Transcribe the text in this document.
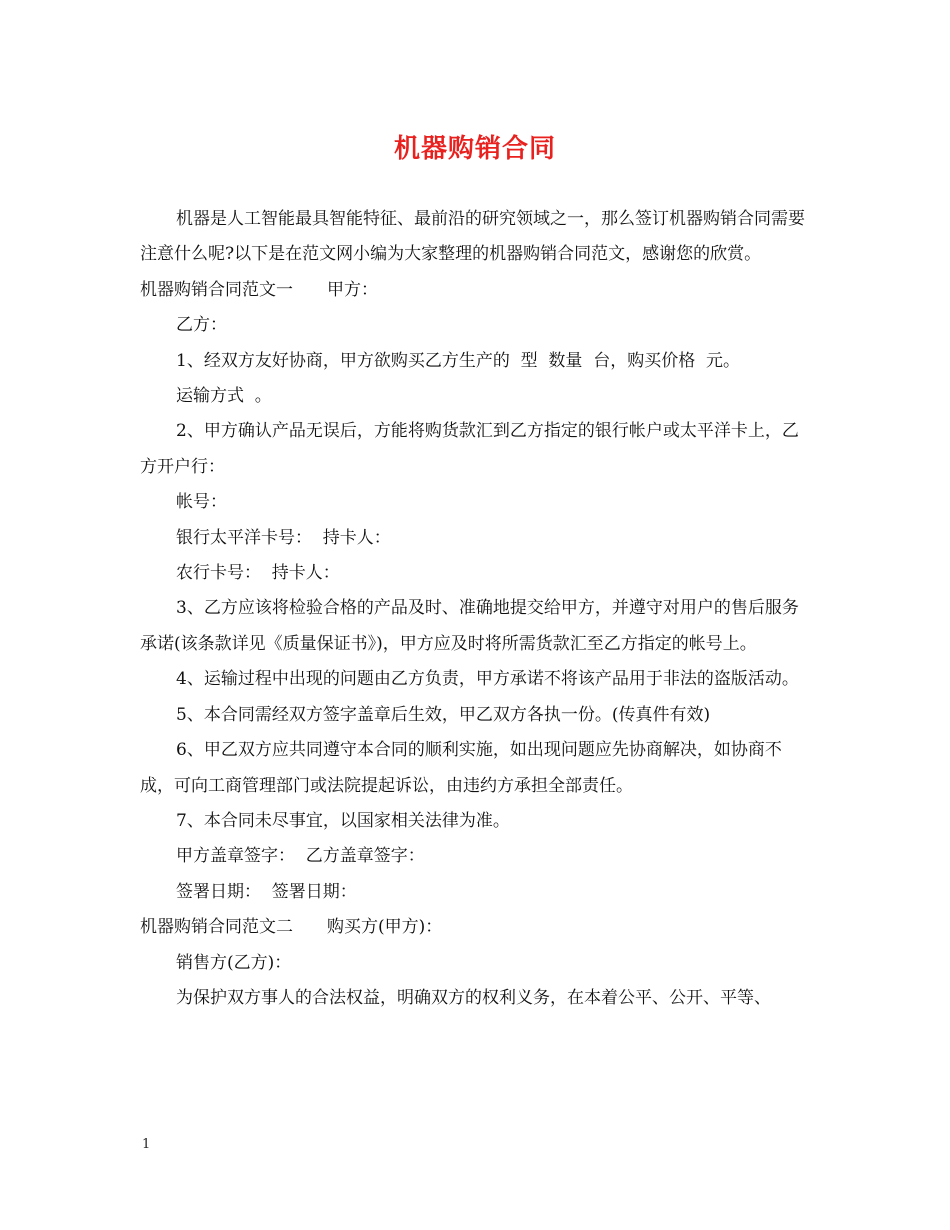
机器购销合同

机器是人工智能最具智能特征、最前沿的研究领域之一，那么签订机器购销合同需要注意什么呢?以下是在范文网小编为大家整理的机器购销合同范文，感谢您的欣赏。

机器购销合同范文一　　甲方：

乙方：

1、经双方友好协商，甲方欲购买乙方生产的  型  数量  台，购买价格  元。

运输方式  。

2、甲方确认产品无误后，方能将购货款汇到乙方指定的银行帐户或太平洋卡上，乙方开户行：

帐号：

银行太平洋卡号：  持卡人：

农行卡号：  持卡人：

3、乙方应该将检验合格的产品及时、准确地提交给甲方，并遵守对用户的售后服务承诺(该条款详见《质量保证书》)，甲方应及时将所需货款汇至乙方指定的帐号上。

4、运输过程中出现的问题由乙方负责，甲方承诺不将该产品用于非法的盗版活动。

5、本合同需经双方签字盖章后生效，甲乙双方各执一份。(传真件有效)

6、甲乙双方应共同遵守本合同的顺利实施，如出现问题应先协商解决，如协商不成，可向工商管理部门或法院提起诉讼，由违约方承担全部责任。

7、本合同未尽事宜，以国家相关法律为准。

甲方盖章签字：  乙方盖章签字：

签署日期：  签署日期：

机器购销合同范文二　　购买方(甲方)：

销售方(乙方)：

为保护双方事人的合法权益，明确双方的权利义务，在本着公平、公开、平等、

1
